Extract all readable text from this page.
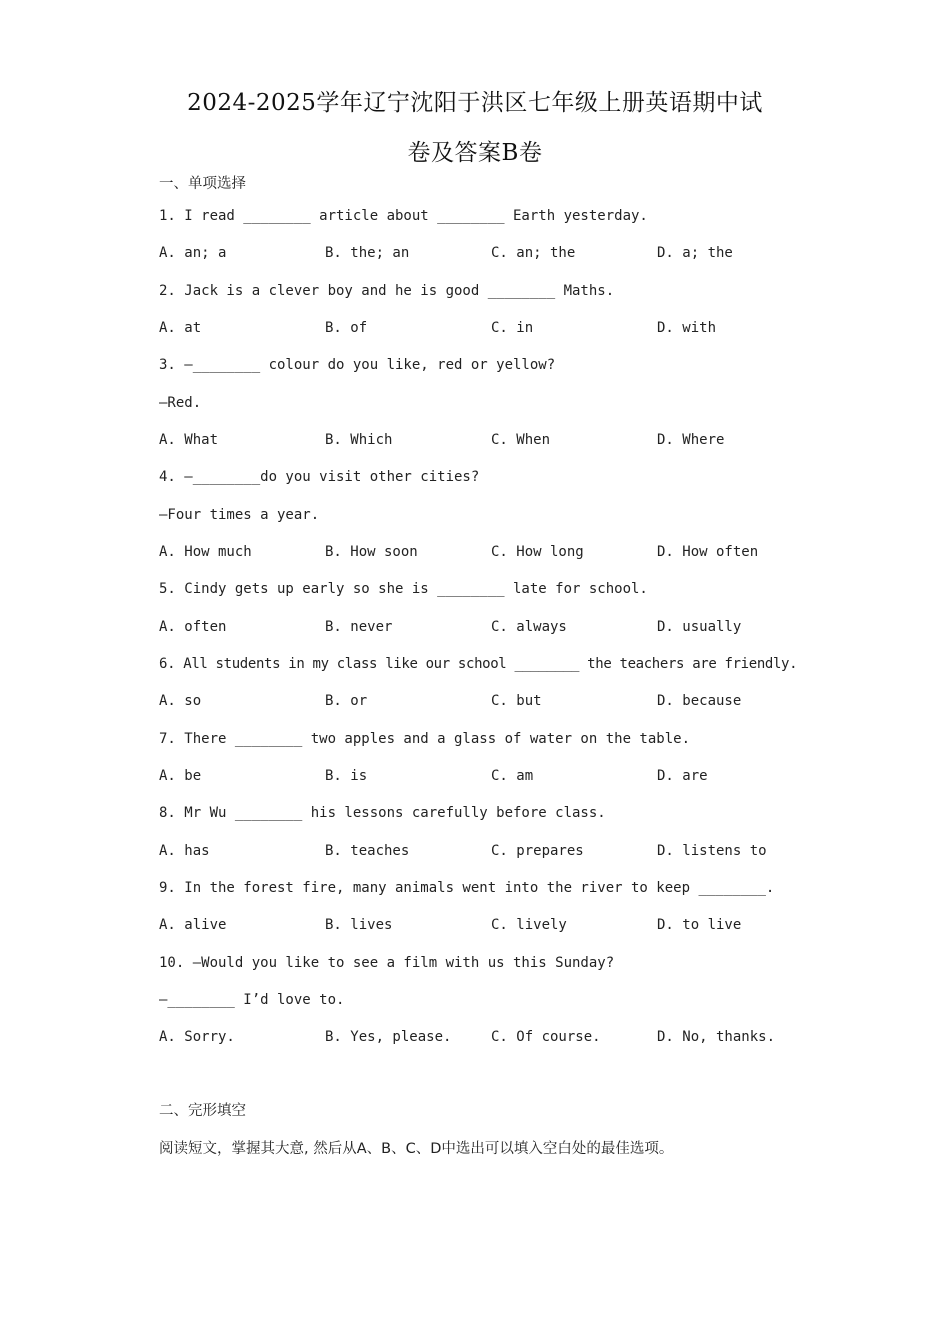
2024-2025学年辽宁沈阳于洪区七年级上册英语期中试
卷及答案B卷
一、单项选择
1. I read ________ article about ________ Earth yesterday.
A. an; a	B. the; an	C. an; the	D. a; the
2. Jack is a clever boy and he is good ________ Maths.
A. at	B. of	C. in	D. with
3. —________ colour do you like, red or yellow?
—Red.
A. What	B. Which	C. When	D. Where
4. —________do you visit other cities?
—Four times a year.
A. How much	B. How soon	C. How long	D. How often
5. Cindy gets up early so she is ________ late for school.
A. often	B. never	C. always	D. usually
6. All students in my class like our school ________ the teachers are friendly.
A. so	B. or	C. but	D. because
7. There ________ two apples and a glass of water on the table.
A. be	B. is	C. am	D. are
8. Mr Wu ________ his lessons carefully before class.
A. has	B. teaches	C. prepares	D. listens to
9. In the forest fire, many animals went into the river to keep ________.
A. alive	B. lives	C. lively	D. to live
10. —Would you like to see a film with us this Sunday?
—________ I’d love to.
A. Sorry.	B. Yes, please.	C. Of course.	D. No, thanks.
二、完形填空
阅读短文，掌握其大意, 然后从A、B、C、D中选出可以填入空白处的最佳选项。
